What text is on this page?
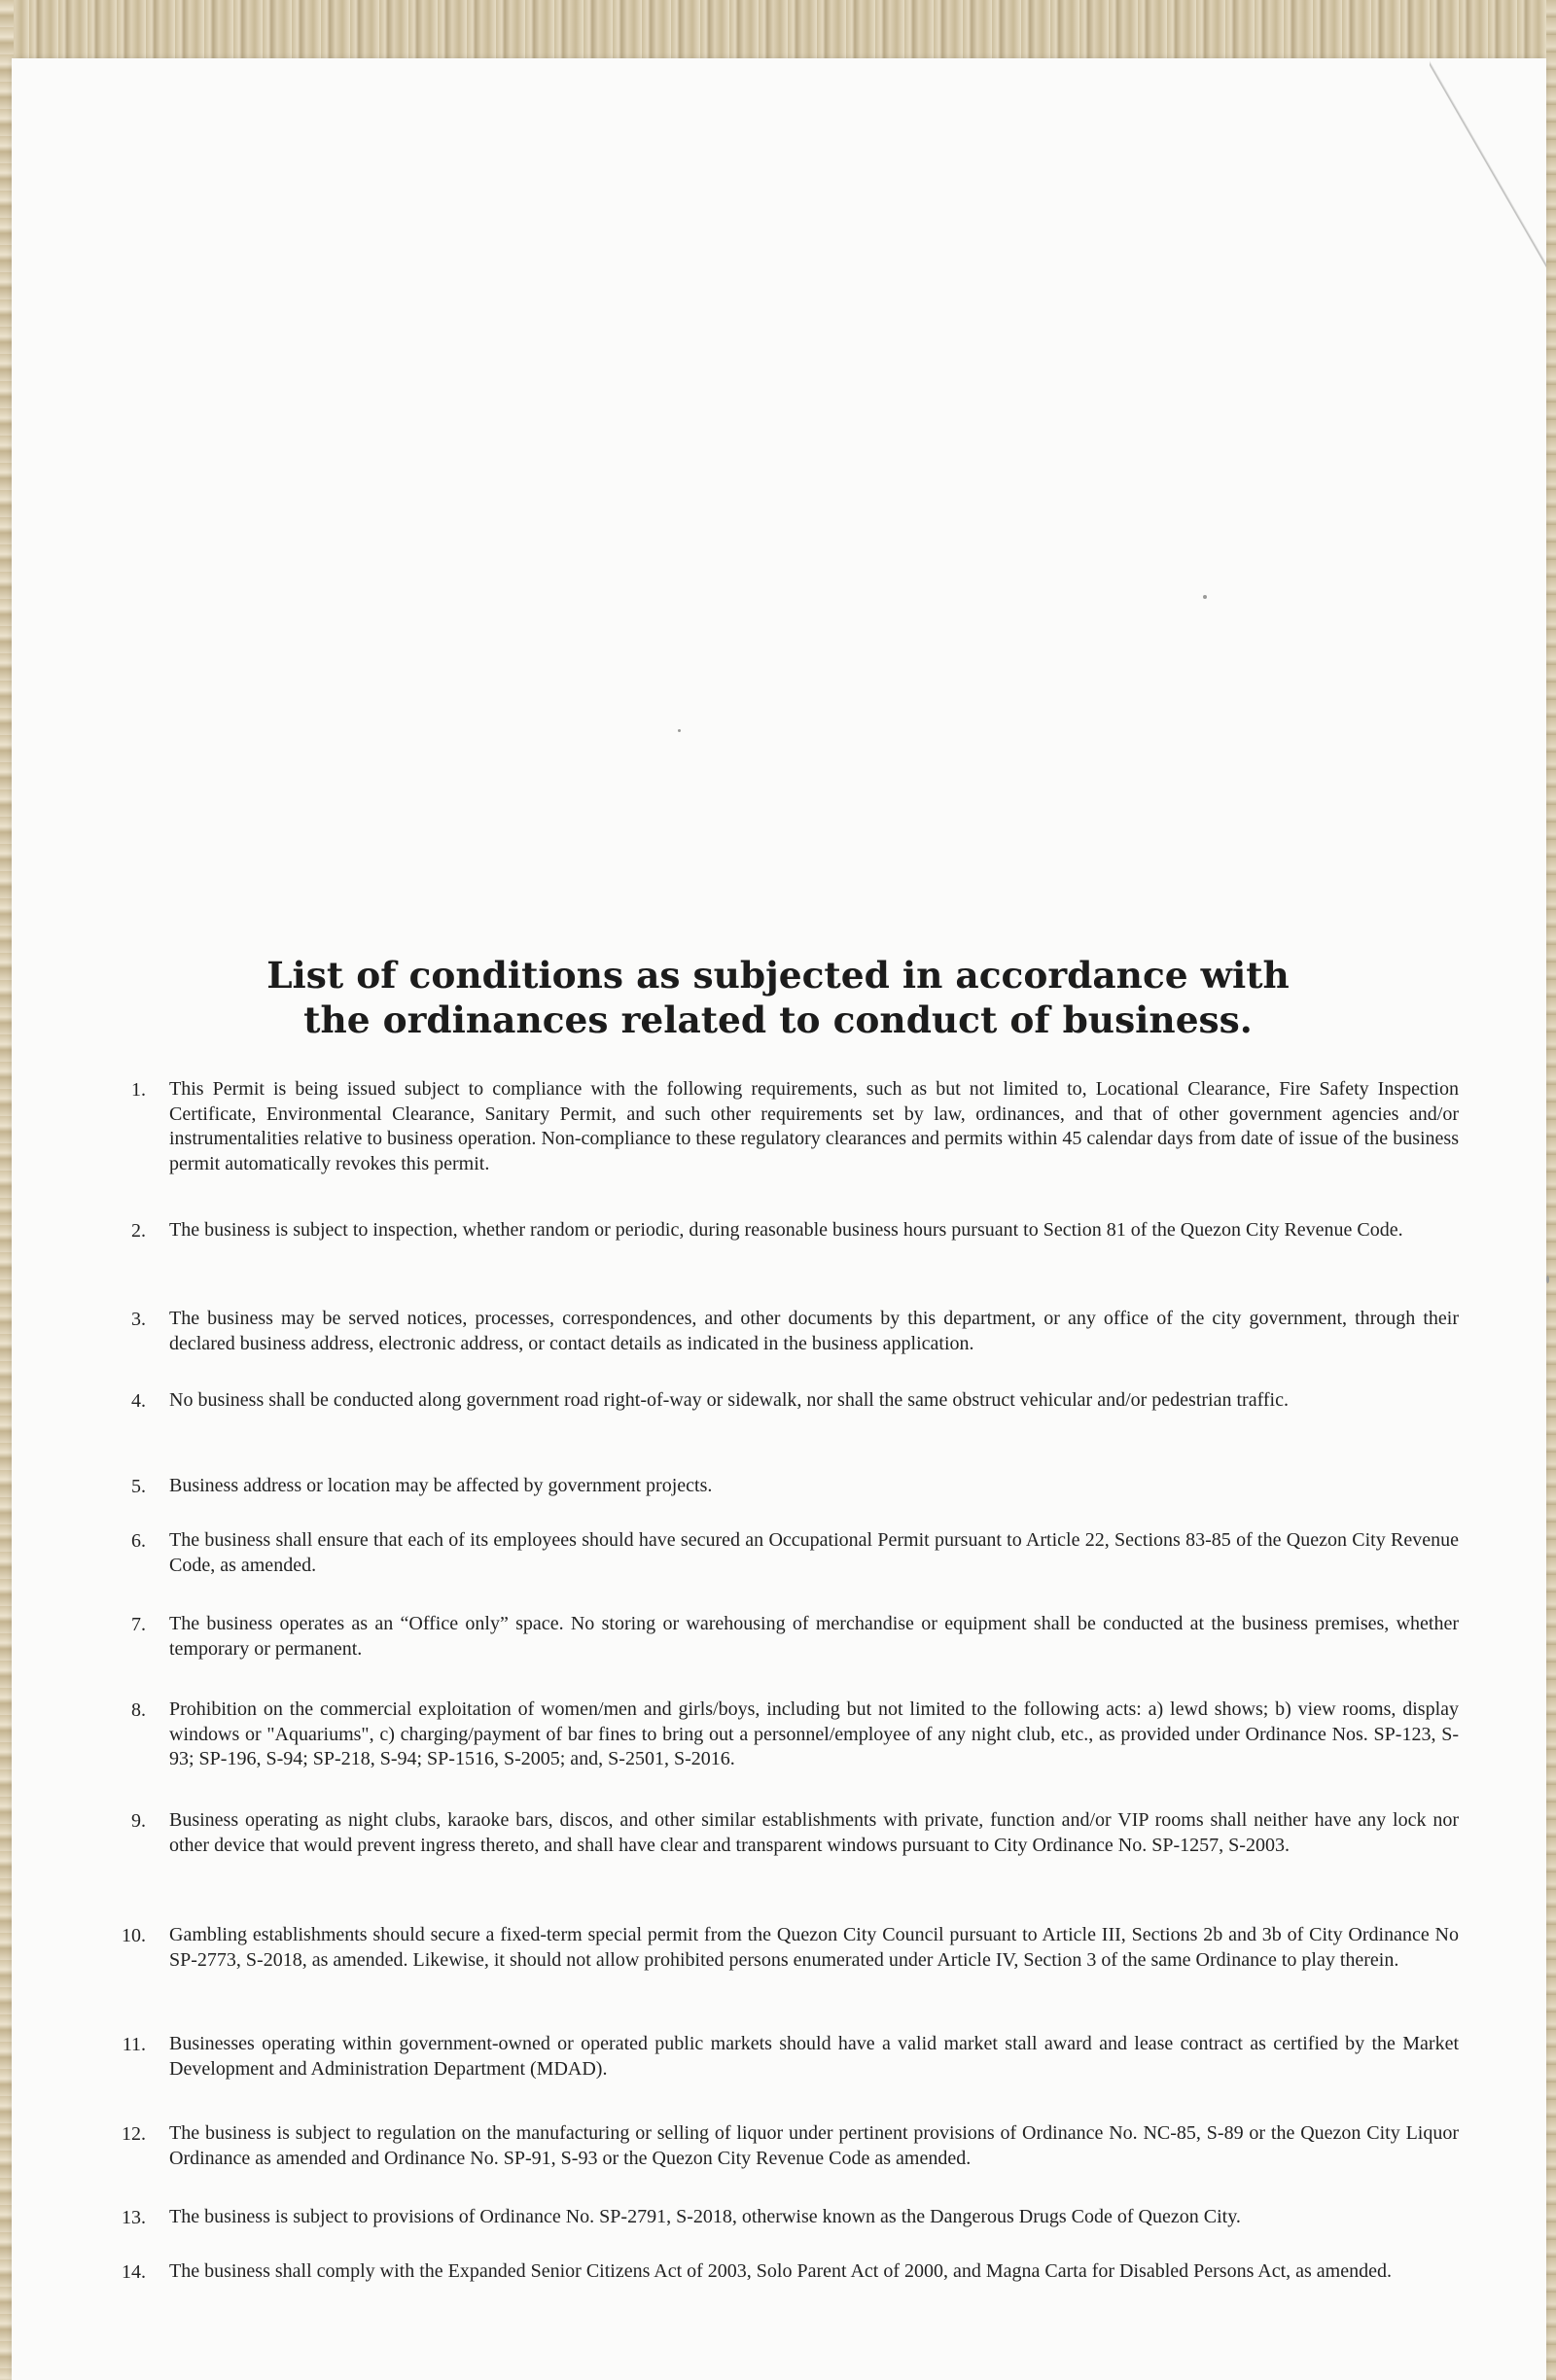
List of conditions as subjected in accordance with
the ordinances related to conduct of business.
1. This Permit is being issued subject to compliance with the following requirements, such as but not limited to, Locational Clearance, Fire Safety Inspection Certificate, Environmental Clearance, Sanitary Permit, and such other requirements set by law, ordinances, and that of other government agencies and/or instrumentalities relative to business operation. Non-compliance to these regulatory clearances and permits within 45 calendar days from date of issue of the business permit automatically revokes this permit.
2. The business is subject to inspection, whether random or periodic, during reasonable business hours pursuant to Section 81 of the Quezon City Revenue Code.
3. The business may be served notices, processes, correspondences, and other documents by this department, or any office of the city government, through their declared business address, electronic address, or contact details as indicated in the business application.
4. No business shall be conducted along government road right-of-way or sidewalk, nor shall the same obstruct vehicular and/or pedestrian traffic.
5. Business address or location may be affected by government projects.
6. The business shall ensure that each of its employees should have secured an Occupational Permit pursuant to Article 22, Sections 83-85 of the Quezon City Revenue Code, as amended.
7. The business operates as an “Office only” space. No storing or warehousing of merchandise or equipment shall be conducted at the business premises, whether temporary or permanent.
8. Prohibition on the commercial exploitation of women/men and girls/boys, including but not limited to the following acts: a) lewd shows; b) view rooms, display windows or "Aquariums", c) charging/payment of bar fines to bring out a personnel/employee of any night club, etc., as provided under Ordinance Nos. SP-123, S-93; SP-196, S-94; SP-218, S-94; SP-1516, S-2005; and, S-2501, S-2016.
9. Business operating as night clubs, karaoke bars, discos, and other similar establishments with private, function and/or VIP rooms shall neither have any lock nor other device that would prevent ingress thereto, and shall have clear and transparent windows pursuant to City Ordinance No. SP-1257, S-2003.
10. Gambling establishments should secure a fixed-term special permit from the Quezon City Council pursuant to Article III, Sections 2b and 3b of City Ordinance No SP-2773, S-2018, as amended. Likewise, it should not allow prohibited persons enumerated under Article IV, Section 3 of the same Ordinance to play therein.
11. Businesses operating within government-owned or operated public markets should have a valid market stall award and lease contract as certified by the Market Development and Administration Department (MDAD).
12. The business is subject to regulation on the manufacturing or selling of liquor under pertinent provisions of Ordinance No. NC-85, S-89 or the Quezon City Liquor Ordinance as amended and Ordinance No. SP-91, S-93 or the Quezon City Revenue Code as amended.
13. The business is subject to provisions of Ordinance No. SP-2791, S-2018, otherwise known as the Dangerous Drugs Code of Quezon City.
14. The business shall comply with the Expanded Senior Citizens Act of 2003, Solo Parent Act of 2000, and Magna Carta for Disabled Persons Act, as amended.
